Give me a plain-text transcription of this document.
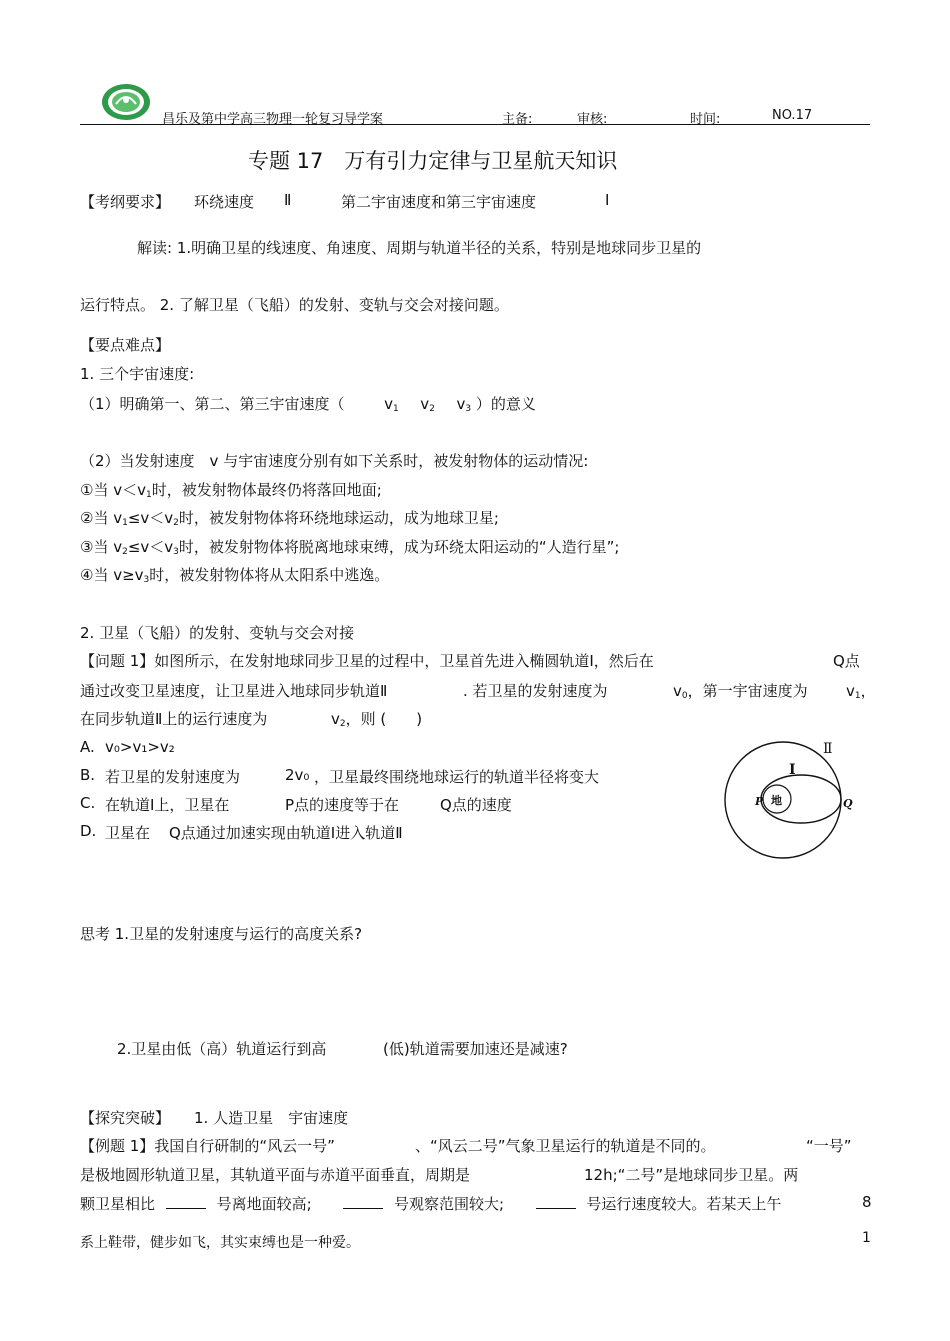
昌乐及第中学高三物理一轮复习导学案	主备:	审核:	时间:	NO.17
专题 17　万有引力定律与卫星航天知识
【考纲要求】 环绕速度 Ⅱ	第二宇宙速度和第三宇宙速度	Ⅰ
解读: 1.明确卫星的线速度、角速度、周期与轨道半径的关系，特别是地球同步卫星的
运行特点。 2. 了解卫星（飞船）的发射、变轨与交会对接问题。
【要点难点】
1. 三个宇宙速度:
（1）明确第一、第二、第三宇宙速度（	v1 v2 v3 ）的意义
（2）当发射速度　v 与宇宙速度分别有如下关系时，被发射物体的运动情况:
①当 v＜v1时，被发射物体最终仍将落回地面;
②当 v1≤v＜v2时，被发射物体将环绕地球运动，成为地球卫星;
③当 v2≤v＜v3时，被发射物体将脱离地球束缚，成为环绕太阳运动的“人造行星”;
④当 v≥v3时，被发射物体将从太阳系中逃逸。
2. 卫星（飞船）的发射、变轨与交会对接
【问题 1】如图所示，在发射地球同步卫星的过程中，卫星首先进入椭圆轨道Ⅰ，然后在	Q点
通过改变卫星速度，让卫星进入地球同步轨道Ⅱ	. 若卫星的发射速度为	v0，第一宇宙速度为	v1，
在同步轨道Ⅱ上的运行速度为	v2，则 (　　)
A. v₀>v₁>v₂
B. 若卫星的发射速度为	2v₀ ，卫星最终围绕地球运行的轨道半径将变大
C. 在轨道Ⅰ上，卫星在	P点的速度等于在	Q点的速度
D. 卫星在 Q点通过加速实现由轨道Ⅰ进入轨道Ⅱ
Ⅱ
Ⅰ
P 地	Q
思考 1.卫星的发射速度与运行的高度关系?
2.卫星由低（高）轨道运行到高	(低)轨道需要加速还是减速?
【探究突破】 1. 人造卫星　宇宙速度
【例题 1】我国自行研制的“风云一号”	、“风云二号”气象卫星运行的轨道是不同的。	“一号”
是极地圆形轨道卫星，其轨道平面与赤道平面垂直，周期是	12h;“二号”是地球同步卫星。两
颗卫星相比	号离地面较高;	号观察范围较大;	号运行速度较大。若某天上午	8
系上鞋带，健步如飞，其实束缚也是一种爱。	1
